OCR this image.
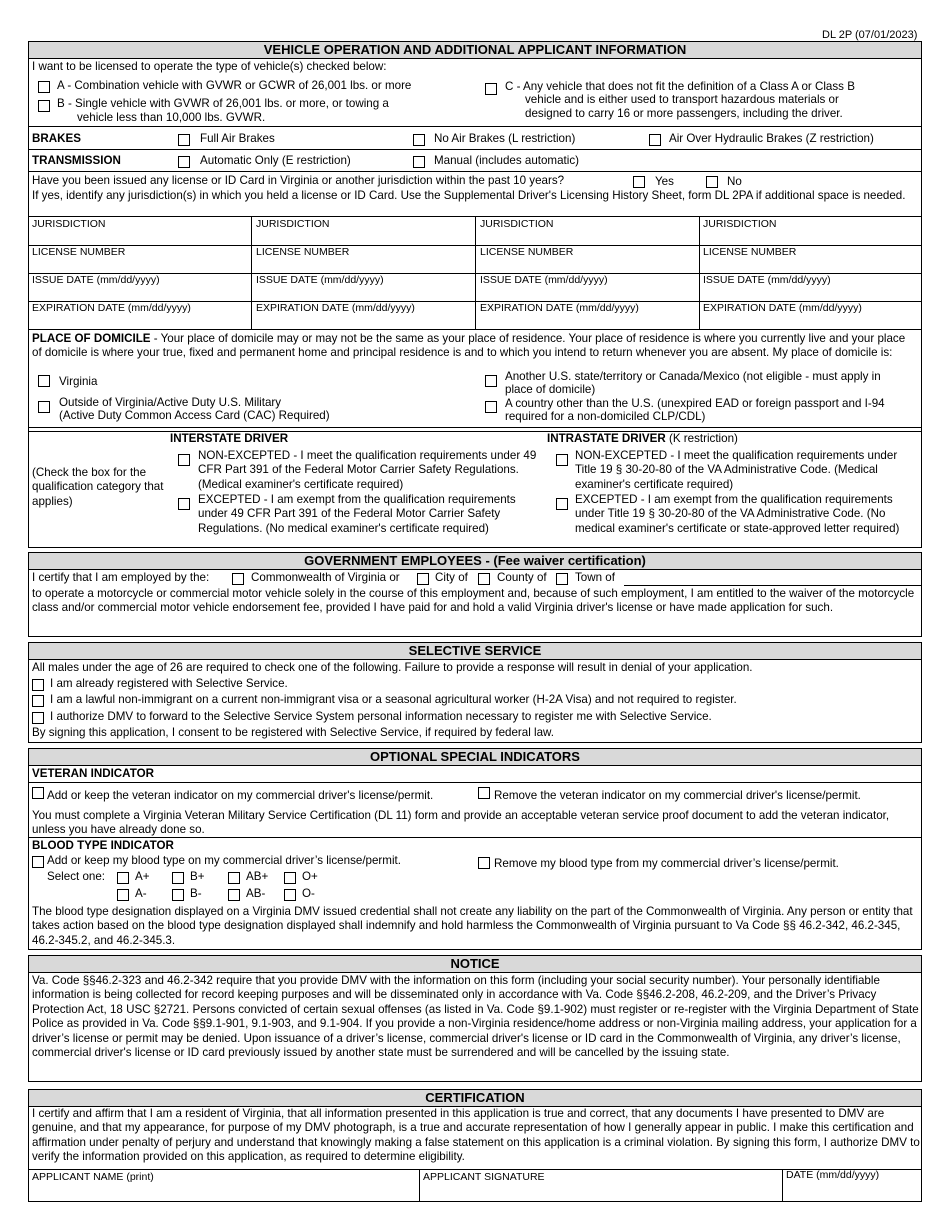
DL 2P (07/01/2023)
VEHICLE OPERATION AND ADDITIONAL APPLICANT INFORMATION
I want to be licensed to operate the type of vehicle(s) checked below:
A - Combination vehicle with GVWR or GCWR of 26,001 lbs. or more
B - Single vehicle with GVWR of 26,001 lbs. or more, or towing a
vehicle less than 10,000 lbs. GVWR.
C - Any vehicle that does not fit the definition of a Class A or Class B
vehicle and is either used to transport hazardous materials or
designed to carry 16 or more passengers, including the driver.
BRAKES	Full Air Brakes	No Air Brakes (L restriction)	Air Over Hydraulic Brakes (Z restriction)
TRANSMISSION	Automatic Only (E restriction)	Manual (includes automatic)
Have you been issued any license or ID Card in Virginia or another jurisdiction within the past 10 years?	Yes	No
If yes, identify any jurisdiction(s) in which you held a license or ID Card. Use the Supplemental Driver's Licensing History Sheet, form DL 2PA if additional space is needed.
JURISDICTION	JURISDICTION	JURISDICTION	JURISDICTION
LICENSE NUMBER	LICENSE NUMBER	LICENSE NUMBER	LICENSE NUMBER
ISSUE DATE (mm/dd/yyyy)	ISSUE DATE (mm/dd/yyyy)	ISSUE DATE (mm/dd/yyyy)	ISSUE DATE (mm/dd/yyyy)
EXPIRATION DATE (mm/dd/yyyy)	EXPIRATION DATE (mm/dd/yyyy)	EXPIRATION DATE (mm/dd/yyyy)	EXPIRATION DATE (mm/dd/yyyy)
PLACE OF DOMICILE - Your place of domicile may or may not be the same as your place of residence. Your place of residence is where you currently live and your place of domicile is where your true, fixed and permanent home and principal residence is and to which you intend to return whenever you are absent. My place of domicile is:
Virginia	Another U.S. state/territory or Canada/Mexico (not eligible - must apply in
place of domicile)
Outside of Virginia/Active Duty U.S. Military
(Active Duty Common Access Card (CAC) Required)
A country other than the U.S. (unexpired EAD or foreign passport and I-94
required for a non-domiciled CLP/CDL)
(Check the box for the qualification category that applies)
INTERSTATE DRIVER	INTRASTATE DRIVER (K restriction)
NON-EXCEPTED - I meet the qualification requirements under 49 CFR Part 391 of the Federal Motor Carrier Safety Regulations. (Medical examiner's certificate required)
EXCEPTED - I am exempt from the qualification requirements under 49 CFR Part 391 of the Federal Motor Carrier Safety Regulations. (No medical examiner's certificate required)
NON-EXCEPTED - I meet the qualification requirements under Title 19 § 30-20-80 of the VA Administrative Code. (Medical examiner's certificate required)
EXCEPTED - I am exempt from the qualification requirements under Title 19 § 30-20-80 of the VA Administrative Code. (No medical examiner's certificate or state-approved letter required)
GOVERNMENT EMPLOYEES - (Fee waiver certification)
I certify that I am employed by the:	Commonwealth of Virginia or	City of	County of Town of
to operate a motorcycle or commercial motor vehicle solely in the course of this employment and, because of such employment, I am entitled to the waiver of the motorcycle class and/or commercial motor vehicle endorsement fee, provided I have paid for and hold a valid Virginia driver's license or have made application for such.
SELECTIVE SERVICE
All males under the age of 26 are required to check one of the following. Failure to provide a response will result in denial of your application.
I am already registered with Selective Service.
I am a lawful non-immigrant on a current non-immigrant visa or a seasonal agricultural worker (H-2A Visa) and not required to register.
I authorize DMV to forward to the Selective Service System personal information necessary to register me with Selective Service.
By signing this application, I consent to be registered with Selective Service, if required by federal law.
OPTIONAL SPECIAL INDICATORS
VETERAN INDICATOR
Add or keep the veteran indicator on my commercial driver's license/permit.	Remove the veteran indicator on my commercial driver's license/permit.
You must complete a Virginia Veteran Military Service Certification (DL 11) form and provide an acceptable veteran service proof document to add the veteran indicator, unless you have already done so.
BLOOD TYPE INDICATOR
Add or keep my blood type on my commercial driver’s license/permit.	Remove my blood type from my commercial driver’s license/permit.
Select one:	A+	B+	AB+	O+
A-	B-	AB-	O-
The blood type designation displayed on a Virginia DMV issued credential shall not create any liability on the part of the Commonwealth of Virginia. Any person or entity that takes action based on the blood type designation displayed shall indemnify and hold harmless the Commonwealth of Virginia pursuant to Va Code §§ 46.2-342, 46.2-345, 46.2-345.2, and 46.2-345.3.
NOTICE
Va. Code §§46.2-323 and 46.2-342 require that you provide DMV with the information on this form (including your social security number). Your personally identifiable information is being collected for record keeping purposes and will be disseminated only in accordance with Va. Code §§46.2-208, 46.2-209, and the Driver’s Privacy Protection Act, 18 USC §2721. Persons convicted of certain sexual offenses (as listed in Va. Code §9.1-902) must register or re-register with the Virginia Department of State Police as provided in Va. Code §§9.1-901, 9.1-903, and 9.1-904. If you provide a non-Virginia residence/home address or non-Virginia mailing address, your application for a driver’s license or permit may be denied. Upon issuance of a driver’s license, commercial driver's license or ID card in the Commonwealth of Virginia, any driver’s license, commercial driver's license or ID card previously issued by another state must be surrendered and will be cancelled by the issuing state.
CERTIFICATION
I certify and affirm that I am a resident of Virginia, that all information presented in this application is true and correct, that any documents I have presented to DMV are genuine, and that my appearance, for purpose of my DMV photograph, is a true and accurate representation of how I generally appear in public. I make this certification and affirmation under penalty of perjury and understand that knowingly making a false statement on this application is a criminal violation. By signing this form, I authorize DMV to verify the information provided on this application, as required to determine eligibility.
APPLICANT NAME (print)	APPLICANT SIGNATURE	DATE (mm/dd/yyyy)
